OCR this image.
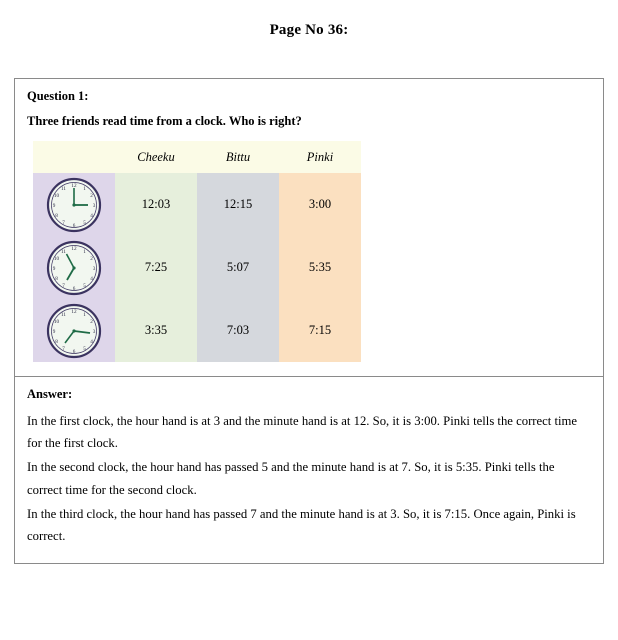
Page No 36:
Question 1:
Three friends read time from a clock. Who is right?
	Cheeku	Bittu	Pinki

12 1
2
3
4
5
6
7
8
9
10
11
	12:03	12:15	3:00

12 1
2
3
4
5
6
7
8
9
10
11
	7:25	5:07	5:35

12 1
2
3
4
5
6
7
8
9
10
11
	3:35	7:03	7:15
Answer:

In the first clock, the hour hand is at 3 and the minute hand is at 12. So, it is 3:00. Pinki tells the correct time for the first clock.

In the second clock, the hour hand has passed 5 and the minute hand is at 7. So, it is 5:35. Pinki tells the correct time for the second clock.

In the third clock, the hour hand has passed 7 and the minute hand is at 3. So, it is 7:15. Once again, Pinki is correct.
